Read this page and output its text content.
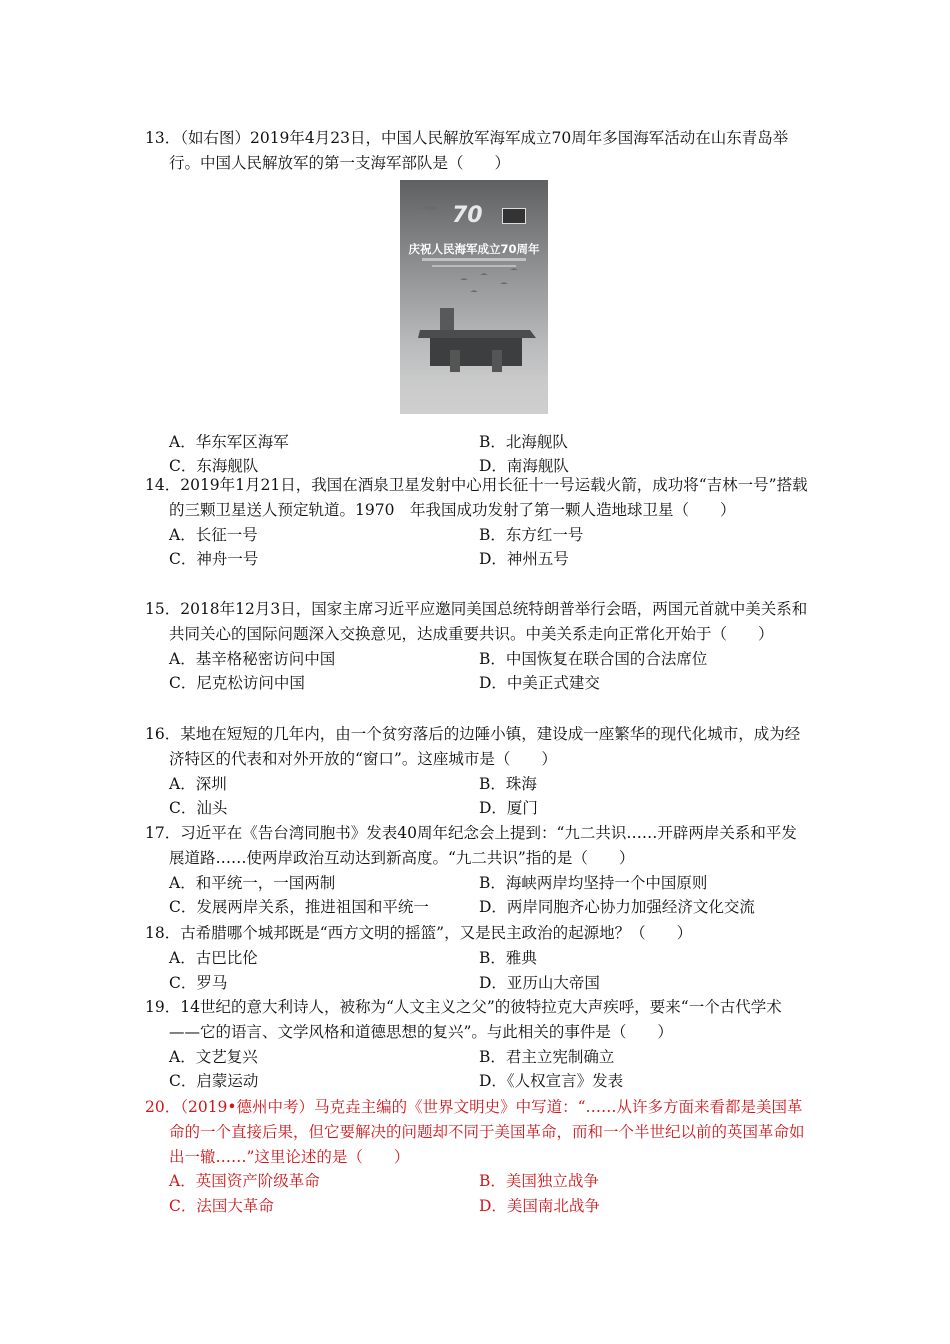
13．（如右图）2019年4月23日，中国人民解放军海军成立70周年多国海军活动在山东青岛举行。中国人民解放军的第一支海军部队是（　　）

70
庆祝人民海军成立70周年
A．华东军区海军	B．北海舰队
C．东海舰队	D．南海舰队

14．2019年1月21日，我国在酒泉卫星发射中心用长征十一号运载火箭，成功将“吉林一号”搭载的三颗卫星送人预定轨道。1970　年我国成功发射了第一颗人造地球卫星（　　）

A．长征一号	B．东方红一号
C．神舟一号	D．神州五号

15．2018年12月3日，国家主席习近平应邀同美国总统特朗普举行会晤，两国元首就中美关系和共同关心的国际问题深入交换意见，达成重要共识。中美关系走向正常化开始于（　　）

A．基辛格秘密访问中国	B．中国恢复在联合国的合法席位
C．尼克松访问中国	D．中美正式建交

16．某地在短短的几年内，由一个贫穷落后的边陲小镇，建设成一座繁华的现代化城市，成为经济特区的代表和对外开放的“窗口”。这座城市是（　　）

A．深圳	B．珠海
C．汕头	D．厦门

17．习近平在《告台湾同胞书》发表40周年纪念会上提到：“九二共识……开辟两岸关系和平发展道路……使两岸政治互动达到新高度。“九二共识”指的是（　　）

A．和平统一，一国两制	B．海峡两岸均坚持一个中国原则
C．发展两岸关系，推进祖国和平统一	D．两岸同胞齐心协力加强经济文化交流

18．古希腊哪个城邦既是“西方文明的摇篮”，又是民主政治的起源地？（　　）

A．古巴比伦	B．雅典
C．罗马	D．亚历山大帝国

19．14世纪的意大利诗人，被称为“人文主义之父”的彼特拉克大声疾呼，要来“一个古代学术——它的语言、文学风格和道德思想的复兴”。与此相关的事件是（　　）

A．文艺复兴	B．君主立宪制确立
C．启蒙运动	D．《人权宣言》发表

20．（2019•德州中考）马克垚主编的《世界文明史》中写道：“……从许多方面来看都是美国革命的一个直接后果，但它要解决的问题却不同于美国革命，而和一个半世纪以前的英国革命如出一辙……”这里论述的是（　　）

A．英国资产阶级革命	B．美国独立战争
C．法国大革命	D．美国南北战争
